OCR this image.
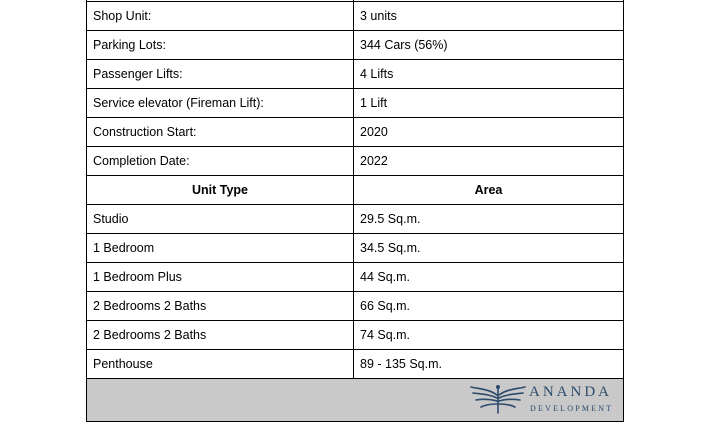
Shop Unit:	3 units
Parking Lots:	344 Cars (56%)
Passenger Lifts:	4 Lifts
Service elevator (Fireman Lift):	1 Lift
Construction Start:	2020
Completion Date:	2022
Unit Type	Area
Studio	29.5 Sq.m.
1 Bedroom	34.5 Sq.m.
1 Bedroom Plus	44 Sq.m.
2 Bedrooms 2 Baths	66 Sq.m.
2 Bedrooms 2 Baths	74 Sq.m.
Penthouse	89 - 135 Sq.m.

ANANDA
DEVELOPMENT	
